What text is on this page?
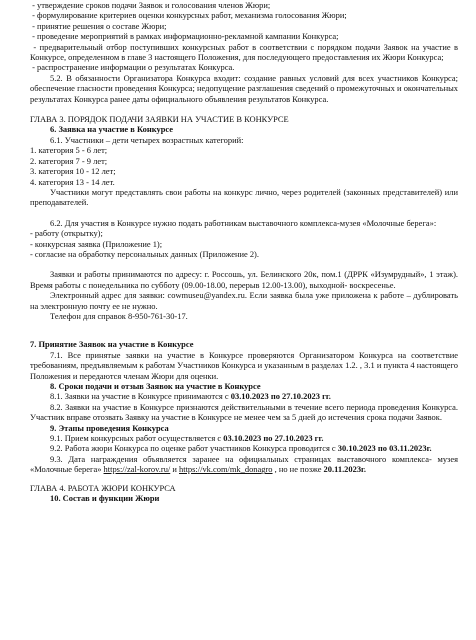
- утверждение сроков подачи Заявок и голосования членов Жюри;
- формулирование критериев оценки конкурсных работ, механизма голосования Жюри;
- принятие решения о составе Жюри;
- проведение мероприятий в рамках информационно-рекламной кампании Конкурса;
- предварительный отбор поступивших конкурсных работ в соответствии с порядком подачи Заявок на участие в Конкурсе, определенном в главе 3 настоящего Положения, для последующего предоставления их Жюри Конкурса;
- распространение информации о результатах Конкурса.
5.2. В обязанности Организатора Конкурса входит: создание равных условий для всех участников Конкурса; обеспечение гласности проведения Конкурса; недопущение разглашения сведений о промежуточных и окончательных результатах Конкурса ранее даты официального объявления результатов Конкурса.
ГЛАВА 3. ПОРЯДОК ПОДАЧИ ЗАЯВКИ НА УЧАСТИЕ В КОНКУРСЕ
6. Заявка на участие в Конкурсе
6.1. Участники – дети четырех возрастных категорий:
1. категория 5 - 6 лет;
2. категория 7 - 9 лет;
3. категория 10 - 12 лет;
4. категория 13 - 14 лет.
Участники могут представлять свои работы на конкурс лично, через родителей (законных представителей) или преподавателей.
6.2. Для участия в Конкурсе нужно подать работникам выставочного комплекса-музея «Молочные берега»:
- работу (открытку);
- конкурсная заявка (Приложение 1);
- согласие на обработку персональных данных (Приложение 2).
Заявки и работы принимаются по адресу: г. Россошь, ул. Белинского 20к, пом.1 (ДРРК «Изумрудный», 1 этаж). Время работы с понедельника по субботу (09.00-18.00, перерыв 12.00-13.00), выходной- воскресенье.
Электронный адрес для заявки: cowmuseu@yandex.ru. Если заявка была уже приложена к работе – дублировать на электронную почту ее не нужно.
Телефон для справок 8-950-761-30-17.
7. Принятие Заявок на участие в Конкурсе
7.1. Все принятые заявки на участие в Конкурсе проверяются Организатором Конкурса на соответствие требованиям, предъявляемым к работам Участников Конкурса и указанным в разделах 1.2. , 3.1 и пункта 4 настоящего Положения и передаются членам Жюри для оценки.
8. Сроки подачи и отзыв Заявок на участие в Конкурсе
8.1. Заявки на участие в Конкурсе принимаются с 03.10.2023 по 27.10.2023 гг.
8.2. Заявки на участие в Конкурсе признаются действительными в течение всего периода проведения Конкурса. Участник вправе отозвать Заявку на участие в Конкурсе не менее чем за 5 дней до истечения срока подачи Заявок.
9. Этапы проведения Конкурса
9.1. Прием конкурсных работ осуществляется с 03.10.2023 по 27.10.2023 гг.
9.2. Работа жюри Конкурса по оценке работ участников Конкурса проводится с 30.10.2023 по 03.11.2023г.
9.3. Дата награждения объявляется заранее на официальных страницах выставочного комплекса- музея «Молочные берега» https://zal-korov.ru/ и https://vk.com/mk_donagro , но не позже 20.11.2023г.
ГЛАВА 4. РАБОТА ЖЮРИ КОНКУРСА
10. Состав и функции Жюри
